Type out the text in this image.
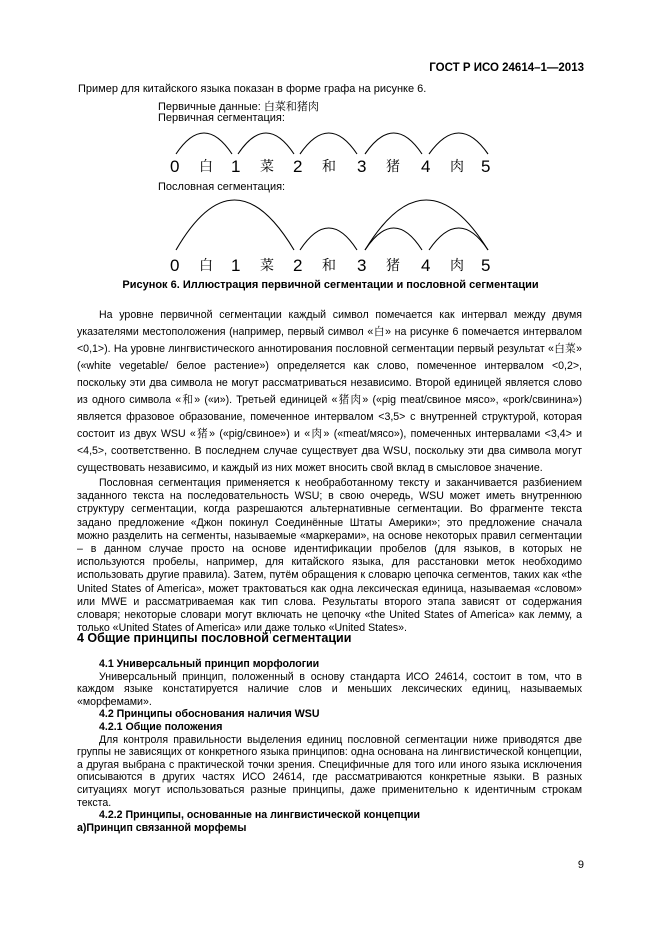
ГОСТ Р ИСО 24614–1—2013
Пример для китайского языка показан в форме графа на рисунке 6.
Первичные данные: 白菜和猪肉
Первичная сегментация:
0 白 1 菜 2 和 3 猪 4 肉 5
Пословная сегментация:
0 白 1 菜 2 和 3 猪 4 肉 5
Рисунок 6. Иллюстрация первичной сегментации и пословной сегментации

На уровне первичной сегментации каждый символ помечается как интервал между двумя указателями местоположения (например, первый символ «白» на рисунке 6 помечается интервалом <0,1>). На уровне лингвистического аннотирования пословной сегментации первый результат «白菜» («white vegetable/ белое растение») определяется как слово, помеченное интервалом <0,2>, поскольку эти два символа не могут рассматриваться независимо. Второй единицей является слово из одного символа «和» («и»). Третьей единицей «猪肉» («pig meat/свиное мясо», «pork/свинина») является фразовое образование, помеченное интервалом <3,5> с внутренней структурой, которая состоит из двух WSU «猪» («pig/свиное») и «肉» («meat/мясо»), помеченных интервалами <3,4> и <4,5>, соответственно. В последнем случае существует два WSU, поскольку эти два символа могут существовать независимо, и каждый из них может вносить свой вклад в смысловое значение.

Пословная сегментация применяется к необработанному тексту и заканчивается разбиением заданного текста на последовательность WSU; в свою очередь, WSU может иметь внутреннюю структуру сегментации, когда разрешаются альтернативные сегментации. Во фрагменте текста задано предложение «Джон покинул Соединённые Штаты Америки»; это предложение сначала можно разделить на сегменты, называемые «маркерами», на основе некоторых правил сегментации – в данном случае просто на основе идентификации пробелов (для языков, в которых не используются пробелы, например, для китайского языка, для расстановки меток необходимо использовать другие правила). Затем, путём обращения к словарю цепочка сегментов, таких как «the United States of America», может трактоваться как одна лексическая единица, называемая «словом» или MWE и рассматриваемая как тип слова. Результаты второго этапа зависят от содержания словаря; некоторые словари могут включать не цепочку «the United States of America» как лемму, а только «United States of America» или даже только «United States».

4 Общие принципы пословной сегментации

4.1 Универсальный принцип морфологии

Универсальный принцип, положенный в основу стандарта ИСО 24614, состоит в том, что в каждом языке констатируется наличие слов и меньших лексических единиц, называемых «морфемами».

4.2 Принципы обоснования наличия WSU

4.2.1 Общие положения

Для контроля правильности выделения единиц пословной сегментации ниже приводятся две группы не зависящих от конкретного языка принципов: одна основана на лингвистической концепции, а другая выбрана с практической точки зрения. Специфичные для того или иного языка исключения описываются в других частях ИСО 24614, где рассматриваются конкретные языки. В разных ситуациях могут использоваться разные принципы, даже применительно к идентичным строкам текста.

4.2.2 Принципы, основанные на лингвистической концепции

а)Принцип связанной морфемы

9
